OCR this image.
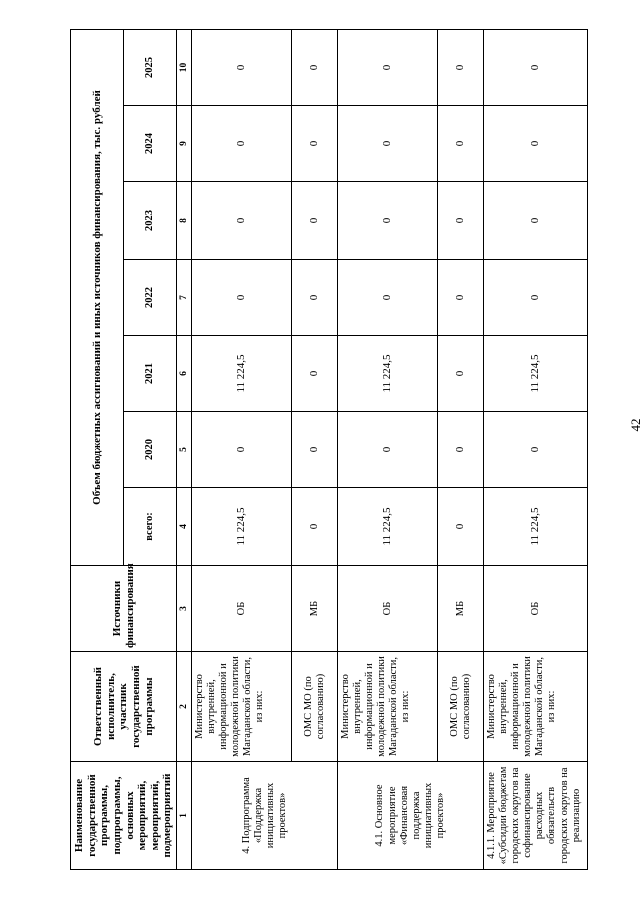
42
Наименование государственной программы, подпрограммы, основных мероприятий, мероприятий, подмероприятий	Ответственный исполнитель, участник государственной программы	Источники финансирования	Объем бюджетных ассигнований и иных источников финансирования, тыс. рублей						
			всего:	2020	2021	2022	2023	2024	2025
1	2	3	4	5	6	7	8	9	10
4. Подпрограмма «Поддержка инициативных проектов»	Министерство внутренней, информационной и молодежной политики Магаданской области, из них:	ОБ	11 224,5	0	11 224,5	0	0	0	0
	ОМС МО (по согласованию)	МБ	0	0	0	0	0	0	0
4.1. Основное мероприятие «Финансовая поддержка инициативных проектов»	Министерство внутренней, информационной и молодежной политики Магаданской области, из них:	ОБ	11 224,5	0	11 224,5	0	0	0	0
	ОМС МО (по согласованию)	МБ	0	0	0	0	0	0	0
4.1.1. Мероприятие «Субсидии бюджетам городских округов на софинансирование расходных обязательств городских округов на реализацию	Министерство внутренней, информационной и молодежной политики Магаданской области, из них:	ОБ	11 224,5	0	11 224,5	0	0	0	0
